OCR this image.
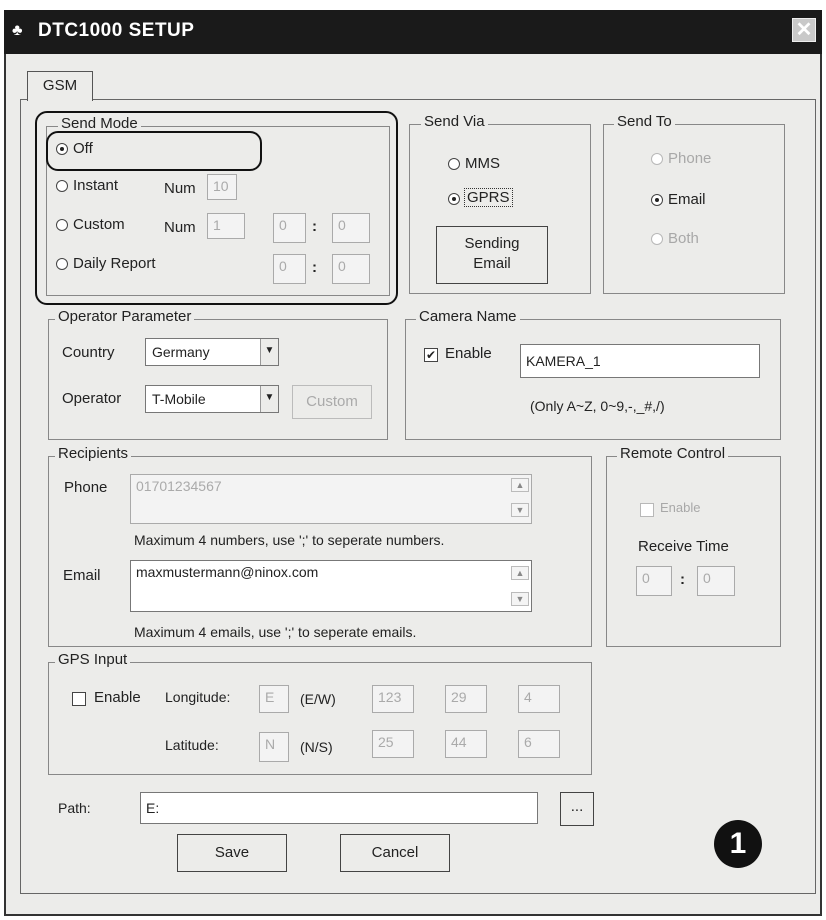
♣ DTC1000 SETUP	✕
GSM
Send Mode
Off
Instant	Num	10
Custom	Num	1	0	:	0
Daily Report	0	:	0
Send Via
MMS
GPRS
Sending
Email
Send To
Phone
Email
Both
Operator Parameter
Country	Germany	▼
Operator T-Mobile	▼	Custom
Camera Name
✔ Enable	KAMERA_1
(Only A~Z, 0~9,-,_#,/)
Recipients
Phone	01701234567	▲
▼
Maximum 4 numbers, use ';' to seperate numbers.
Email	maxmustermann@ninox.com	▲
▼
Maximum 4 emails, use ';' to seperate emails.
Remote Control
Enable
Receive Time
0	:	0
GPS Input
Enable Longitude:	E	(E/W)	123	29	4
Latitude:	N	(N/S)	25	44	6
Path:	E:	...
Save	Cancel	1
